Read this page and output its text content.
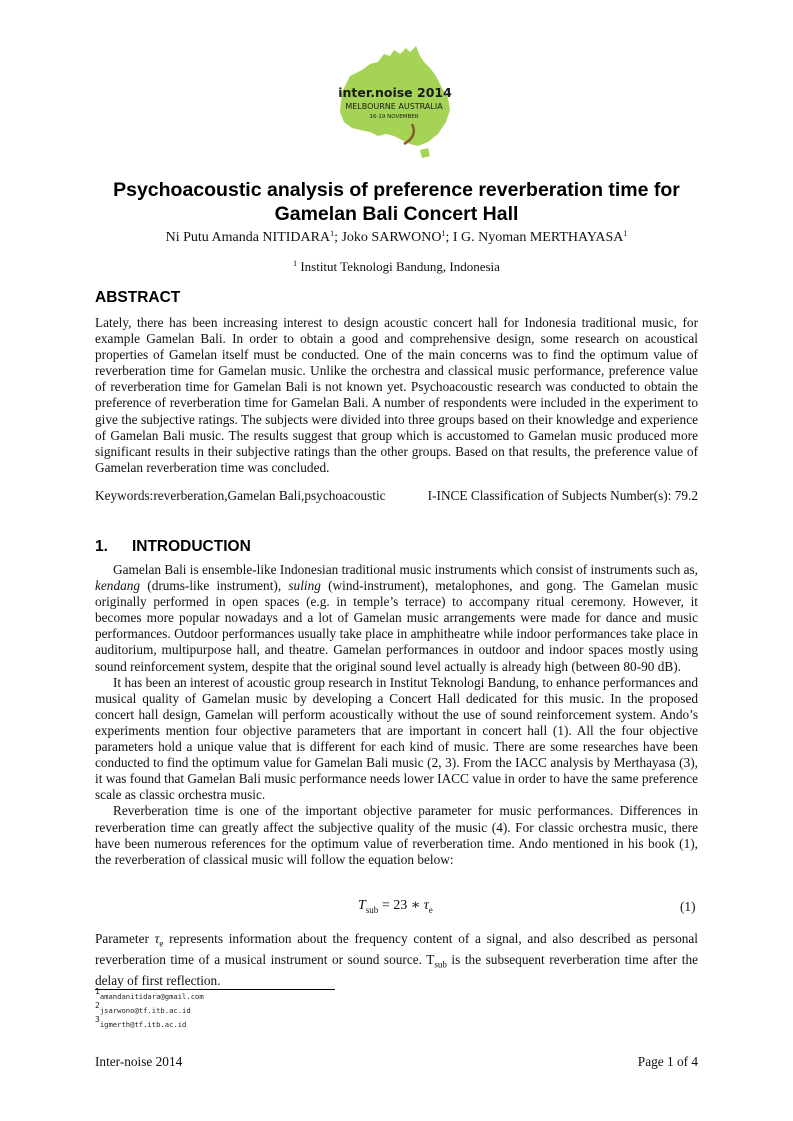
inter.noise 2014
MELBOURNE AUSTRALIA
16-19 NOVEMBER
Psychoacoustic analysis of preference reverberation time for
Gamelan Bali Concert Hall
Ni Putu Amanda NITIDARA$^1$; Joko SARWONO$^1$; I G. Nyoman MERTHAYASA$^1$
$^1$ Institut Teknologi Bandung, Indonesia
ABSTRACT

Lately, there has been increasing interest to design acoustic concert hall for Indonesia traditional music, for example Gamelan Bali. In order to obtain a good and comprehensive design, some research on acoustical properties of Gamelan itself must be conducted. One of the main concerns was to find the optimum value of reverberation time for Gamelan music. Unlike the orchestra and classical music performance, preference value of reverberation time for Gamelan Bali is not known yet. Psychoacoustic research was conducted to obtain the preference of reverberation time for Gamelan Bali. A number of respondents were included in the experiment to give the subjective ratings. The subjects were divided into three groups based on their knowledge and experience of Gamelan Bali music. The results suggest that group which is accustomed to Gamelan music produced more significant results in their subjective ratings than the other groups. Based on that results, the preference value of Gamelan reverberation time was concluded.

Keywords:reverberation,Gamelan Bali,psychoacoustic	I-INCE Classification of Subjects Number(s): 79.2
1. INTRODUCTION

Gamelan Bali is ensemble-like Indonesian traditional music instruments which consist of instruments such as, kendang (drums-like instrument), suling (wind-instrument), metalophones, and gong. The Gamelan music originally performed in open spaces (e.g. in temple’s terrace) to accompany ritual ceremony. However, it becomes more popular nowadays and a lot of Gamelan music arrangements were made for dance and music performances. Outdoor performances usually take place in amphitheatre while indoor performances take place in auditorium, multipurpose hall, and theatre. Gamelan performances in outdoor and indoor spaces mostly using sound reinforcement system, despite that the original sound level actually is already high (between 80-90 dB).

It has been an interest of acoustic group research in Institut Teknologi Bandung, to enhance performances and musical quality of Gamelan music by developing a Concert Hall dedicated for this music. In the proposed concert hall design, Gamelan will perform acoustically without the use of sound reinforcement system. Ando’s experiments mention four objective parameters that are important in concert hall (1). All the four objective parameters hold a unique value that is different for each kind of music. There are some researches have been conducted to find the optimum value for Gamelan Bali music (2, 3). From the IACC analysis by Merthayasa (3), it was found that Gamelan Bali music performance needs lower IACC value in order to have the same preference scale as classic orchestra music.

Reverberation time is one of the important objective parameter for music performances. Differences in reverberation time can greatly affect the subjective quality of the music (4). For classic orchestra music, there have been numerous references for the optimum value of reverberation time. Ando mentioned in his book (1), the reverberation of classical music will follow the equation below:

$T_{sub} = 23$ ∗ $\tau_e$	(1)

Parameter $\tau_e$ represents information about the frequency content of a signal, and also described as personal reverberation time of a musical instrument or sound source. $T_{sub}$ is the subsequent reverberation time after the delay of first reflection.

$^1$amandanitidara@gmail.com
$^2$jsarwono@tf.itb.ac.id
$^3$igmerth@tf.itb.ac.id
Inter-noise 2014	Page 1 of 4
